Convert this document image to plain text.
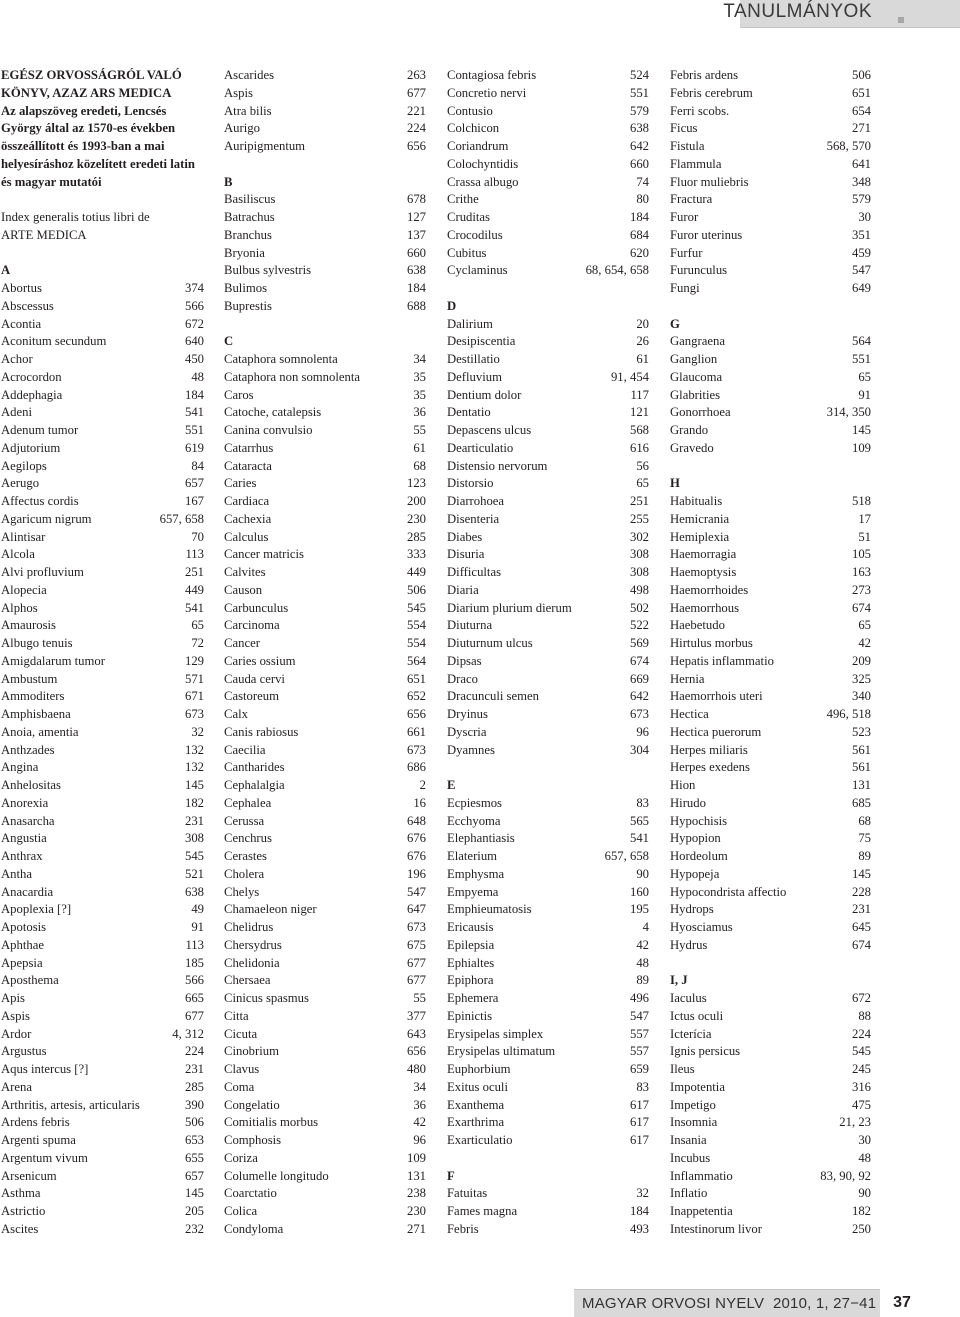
TANULMÁNYOK
EGÉSZ ORVOSSÁGRÓL VALÓ
KÖNYV, AZAZ ARS MEDICA
Az alapszöveg eredeti, Lencsés
György által az 1570-es években
összeállított és 1993-ban a mai
helyesíráshoz közelített eredeti latin
és magyar mutatói
Index generalis totius libri de
ARTE MEDICA
A
Abortus	374
Abscessus	566
Acontia	672
Aconitum secundum	640
Achor	450
Acrocordon	48
Addephagia	184
Adeni	541
Adenum tumor	551
Adjutorium	619
Aegilops	84
Aerugo	657
Affectus cordis	167
Agaricum nigrum	657, 658
Alintisar	70
Alcola	113
Alvi profluvium	251
Alopecia	449
Alphos	541
Amaurosis	65
Albugo tenuis	72
Amigdalarum tumor	129
Ambustum	571
Ammoditers	671
Amphisbaena	673
Anoia, amentia	32
Anthzades	132
Angina	132
Anhelositas	145
Anorexia	182
Anasarcha	231
Angustia	308
Anthrax	545
Antha	521
Anacardia	638
Apoplexia [?]	49
Apotosis	91
Aphthae	113
Apepsia	185
Aposthema	566
Apis	665
Aspis	677
Ardor	4, 312
Argustus	224
Aqus intercus [?]	231
Arena	285
Arthritis, artesis, articularis	390
Ardens febris	506
Argenti spuma	653
Argentum vivum	655
Arsenicum	657
Asthma	145
Astrictio	205
Ascites	232
Ascarides	263
Aspis	677
Atra bilis	221
Aurigo	224
Auripigmentum	656
B
Basiliscus	678
Batrachus	127
Branchus	137
Bryonia	660
Bulbus sylvestris	638
Bulimos	184
Buprestis	688
C
Cataphora somnolenta	34
Cataphora non somnolenta	35
Caros	35
Catoche, catalepsis	36
Canina convulsio	55
Catarrhus	61
Cataracta	68
Caries	123
Cardiaca	200
Cachexia	230
Calculus	285
Cancer matricis	333
Calvites	449
Causon	506
Carbunculus	545
Carcinoma	554
Cancer	554
Caries ossium	564
Cauda cervi	651
Castoreum	652
Calx	656
Canis rabiosus	661
Caecilia	673
Cantharides	686
Cephalalgia	2
Cephalea	16
Cerussa	648
Cenchrus	676
Cerastes	676
Cholera	196
Chelys	547
Chamaeleon niger	647
Chelidrus	673
Chersydrus	675
Chelidonia	677
Chersaea	677
Cinicus spasmus	55
Citta	377
Cicuta	643
Cinobrium	656
Clavus	480
Coma	34
Congelatio	36
Comitialis morbus	42
Comphosis	96
Coriza	109
Columelle longitudo	131
Coarctatio	238
Colica	230
Condyloma	271
Contagiosa febris	524
Concretio nervi	551
Contusio	579
Colchicon	638
Coriandrum	642
Colochyntidis	660
Crassa albugo	74
Crithe	80
Cruditas	184
Crocodilus	684
Cubitus	620
Cyclaminus	68, 654, 658
D
Dalirium	20
Desipiscentia	26
Destillatio	61
Defluvium	91, 454
Dentium dolor	117
Dentatio	121
Depascens ulcus	568
Dearticulatio	616
Distensio nervorum	56
Distorsio	65
Diarrohoea	251
Disenteria	255
Diabes	302
Disuria	308
Difficultas	308
Diaria	498
Diarium plurium dierum	502
Diuturna	522
Diuturnum ulcus	569
Dipsas	674
Draco	669
Dracunculi semen	642
Dryinus	673
Dyscria	96
Dyamnes	304
E
Ecpiesmos	83
Ecchyoma	565
Elephantiasis	541
Elaterium	657, 658
Emphysma	90
Empyema	160
Emphieumatosis	195
Ericausis	4
Epilepsia	42
Ephialtes	48
Epiphora	89
Ephemera	496
Epinictis	547
Erysipelas simplex	557
Erysipelas ultimatum	557
Euphorbium	659
Exitus oculi	83
Exanthema	617
Exarthrima	617
Exarticulatio	617
F
Fatuitas	32
Fames magna	184
Febris	493
Febris ardens	506
Febris cerebrum	651
Ferri scobs.	654
Ficus	271
Fistula	568, 570
Flammula	641
Fluor muliebris	348
Fractura	579
Furor	30
Furor uterinus	351
Furfur	459
Furunculus	547
Fungi	649
G
Gangraena	564
Ganglion	551
Glaucoma	65
Glabrities	91
Gonorrhoea	314, 350
Grando	145
Gravedo	109
H
Habitualis	518
Hemicrania	17
Hemiplexia	51
Haemorragia	105
Haemoptysis	163
Haemorrhoides	273
Haemorrhous	674
Haebetudo	65
Hirtulus morbus	42
Hepatis inflammatio	209
Hernia	325
Haemorrhois uteri	340
Hectica	496, 518
Hectica puerorum	523
Herpes miliaris	561
Herpes exedens	561
Hion	131
Hirudo	685
Hypochisis	68
Hypopion	75
Hordeolum	89
Hypopeja	145
Hypocondrista affectio	228
Hydrops	231
Hyosciamus	645
Hydrus	674
I, J
Iaculus	672
Ictus oculi	88
Icterícia	224
Ignis persicus	545
Ileus	245
Impotentia	316
Impetigo	475
Insomnia	21, 23
Insania	30
Incubus	48
Inflammatio	83, 90, 92
Inflatio	90
Inappetentia	182
Intestinorum livor	250
MAGYAR ORVOSI NYELV 2010, 1, 27−41	37
